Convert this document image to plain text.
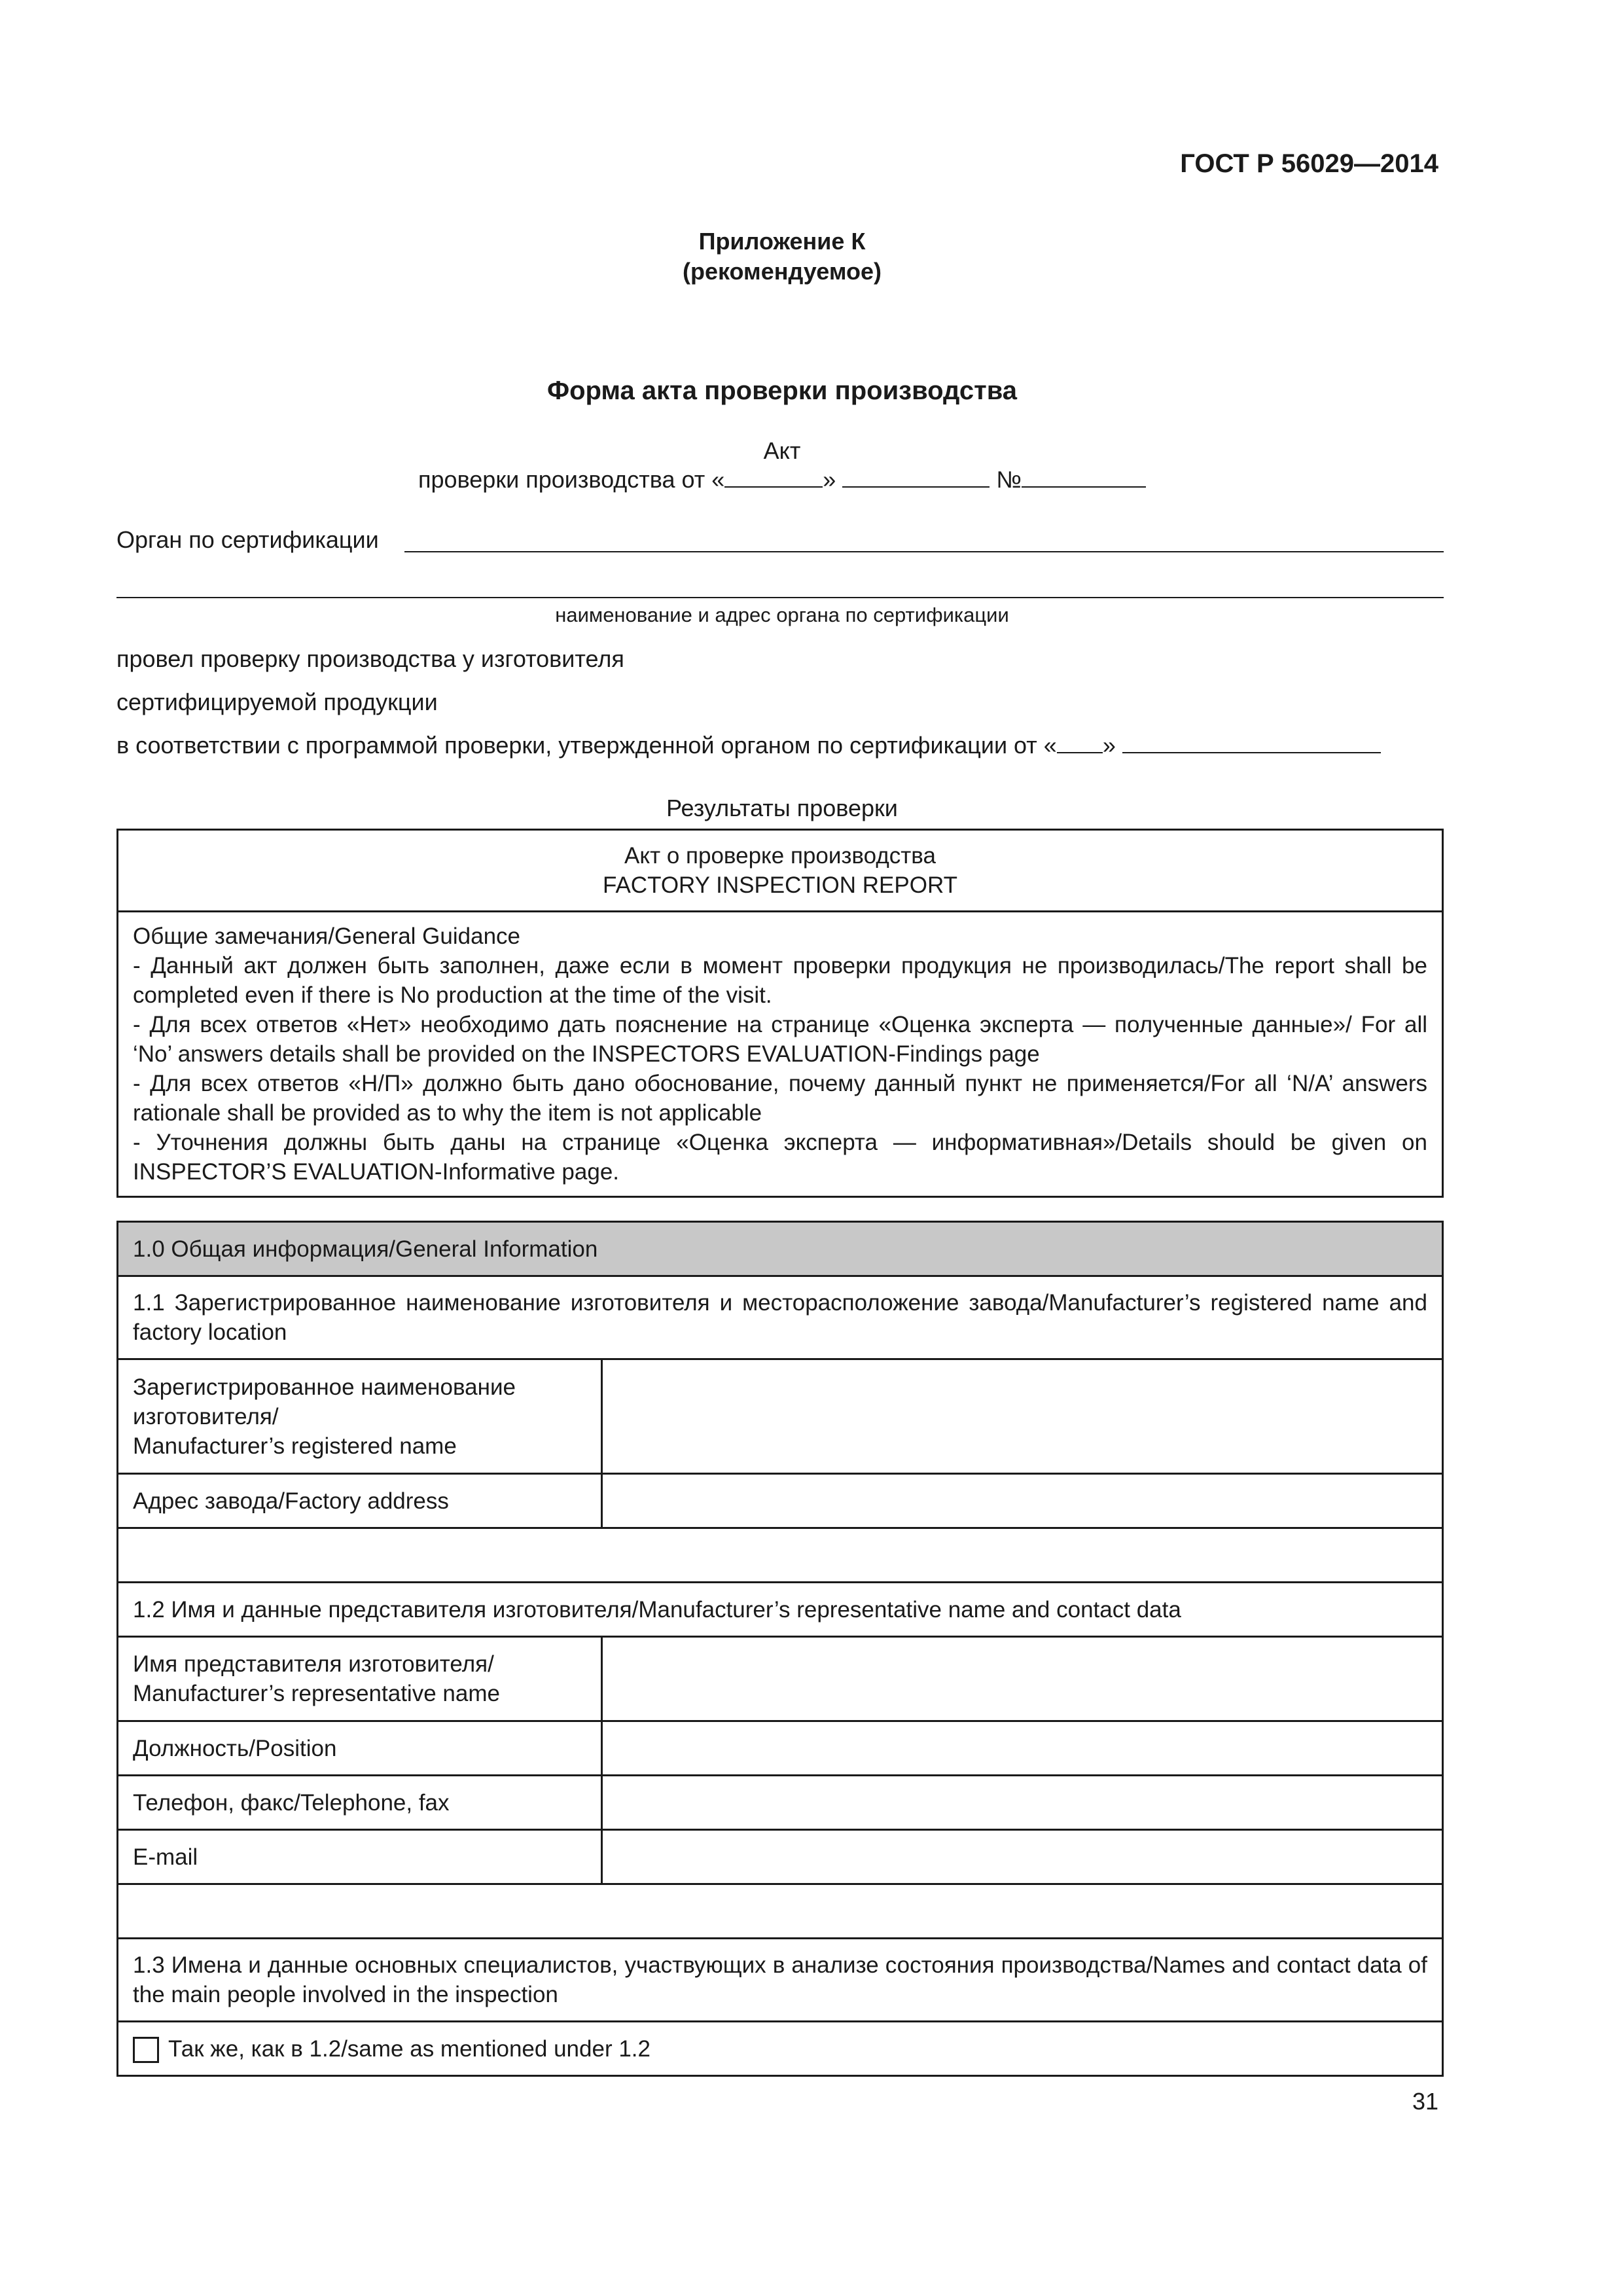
ГОСТ Р 56029—2014
Приложение К
(рекомендуемое)
Форма акта проверки производства
Акт
проверки производства от «	»	№
Орган по сертификации
наименование и адрес органа по сертификации
провел проверку производства у изготовителя
сертифицируемой продукции
в соответствии с программой проверки, утвержденной органом по сертификации от « »
Результаты проверки
Акт о проверке производства
FACTORY INSPECTION REPORT

Общие замечания/General Guidance
- Данный акт должен быть заполнен, даже если в момент проверки продукция не производилась/The report shall be completed even if there is No production at the time of the visit.
- Для всех ответов «Нет» необходимо дать пояснение на странице «Оценка эксперта — полученные данные»/ For all ‘No’ answers details shall be provided on the INSPECTORS EVALUATION-Findings page
- Для всех ответов «Н/П» должно быть дано обоснование, почему данный пункт не применяется/For all ‘N/A’ answers rationale shall be provided as to why the item is not applicable
- Уточнения должны быть даны на странице «Оценка эксперта — информативная»/Details should be given on INSPECTOR’S EVALUATION-Informative page.
1.0 Общая информация/General Information	
1.1 Зарегистрированное наименование изготовителя и месторасположение завода/Manufacturer’s registered name and factory location	

Зарегистрированное наименование
изготовителя/
Manufacturer’s registered name	

Адрес завода/Factory address	

1.2 Имя и данные представителя изготовителя/Manufacturer’s representative name and contact data	

Имя представителя изготовителя/
Manufacturer’s representative name	

Должность/Position	
Телефон, факс/Telephone, fax	
E-mail	

1.3 Имена и данные основных специалистов, участвующих в анализе состояния производства/Names and contact data of the main people involved in the inspection	
Так же, как в 1.2/same as mentioned under 1.2	
31
